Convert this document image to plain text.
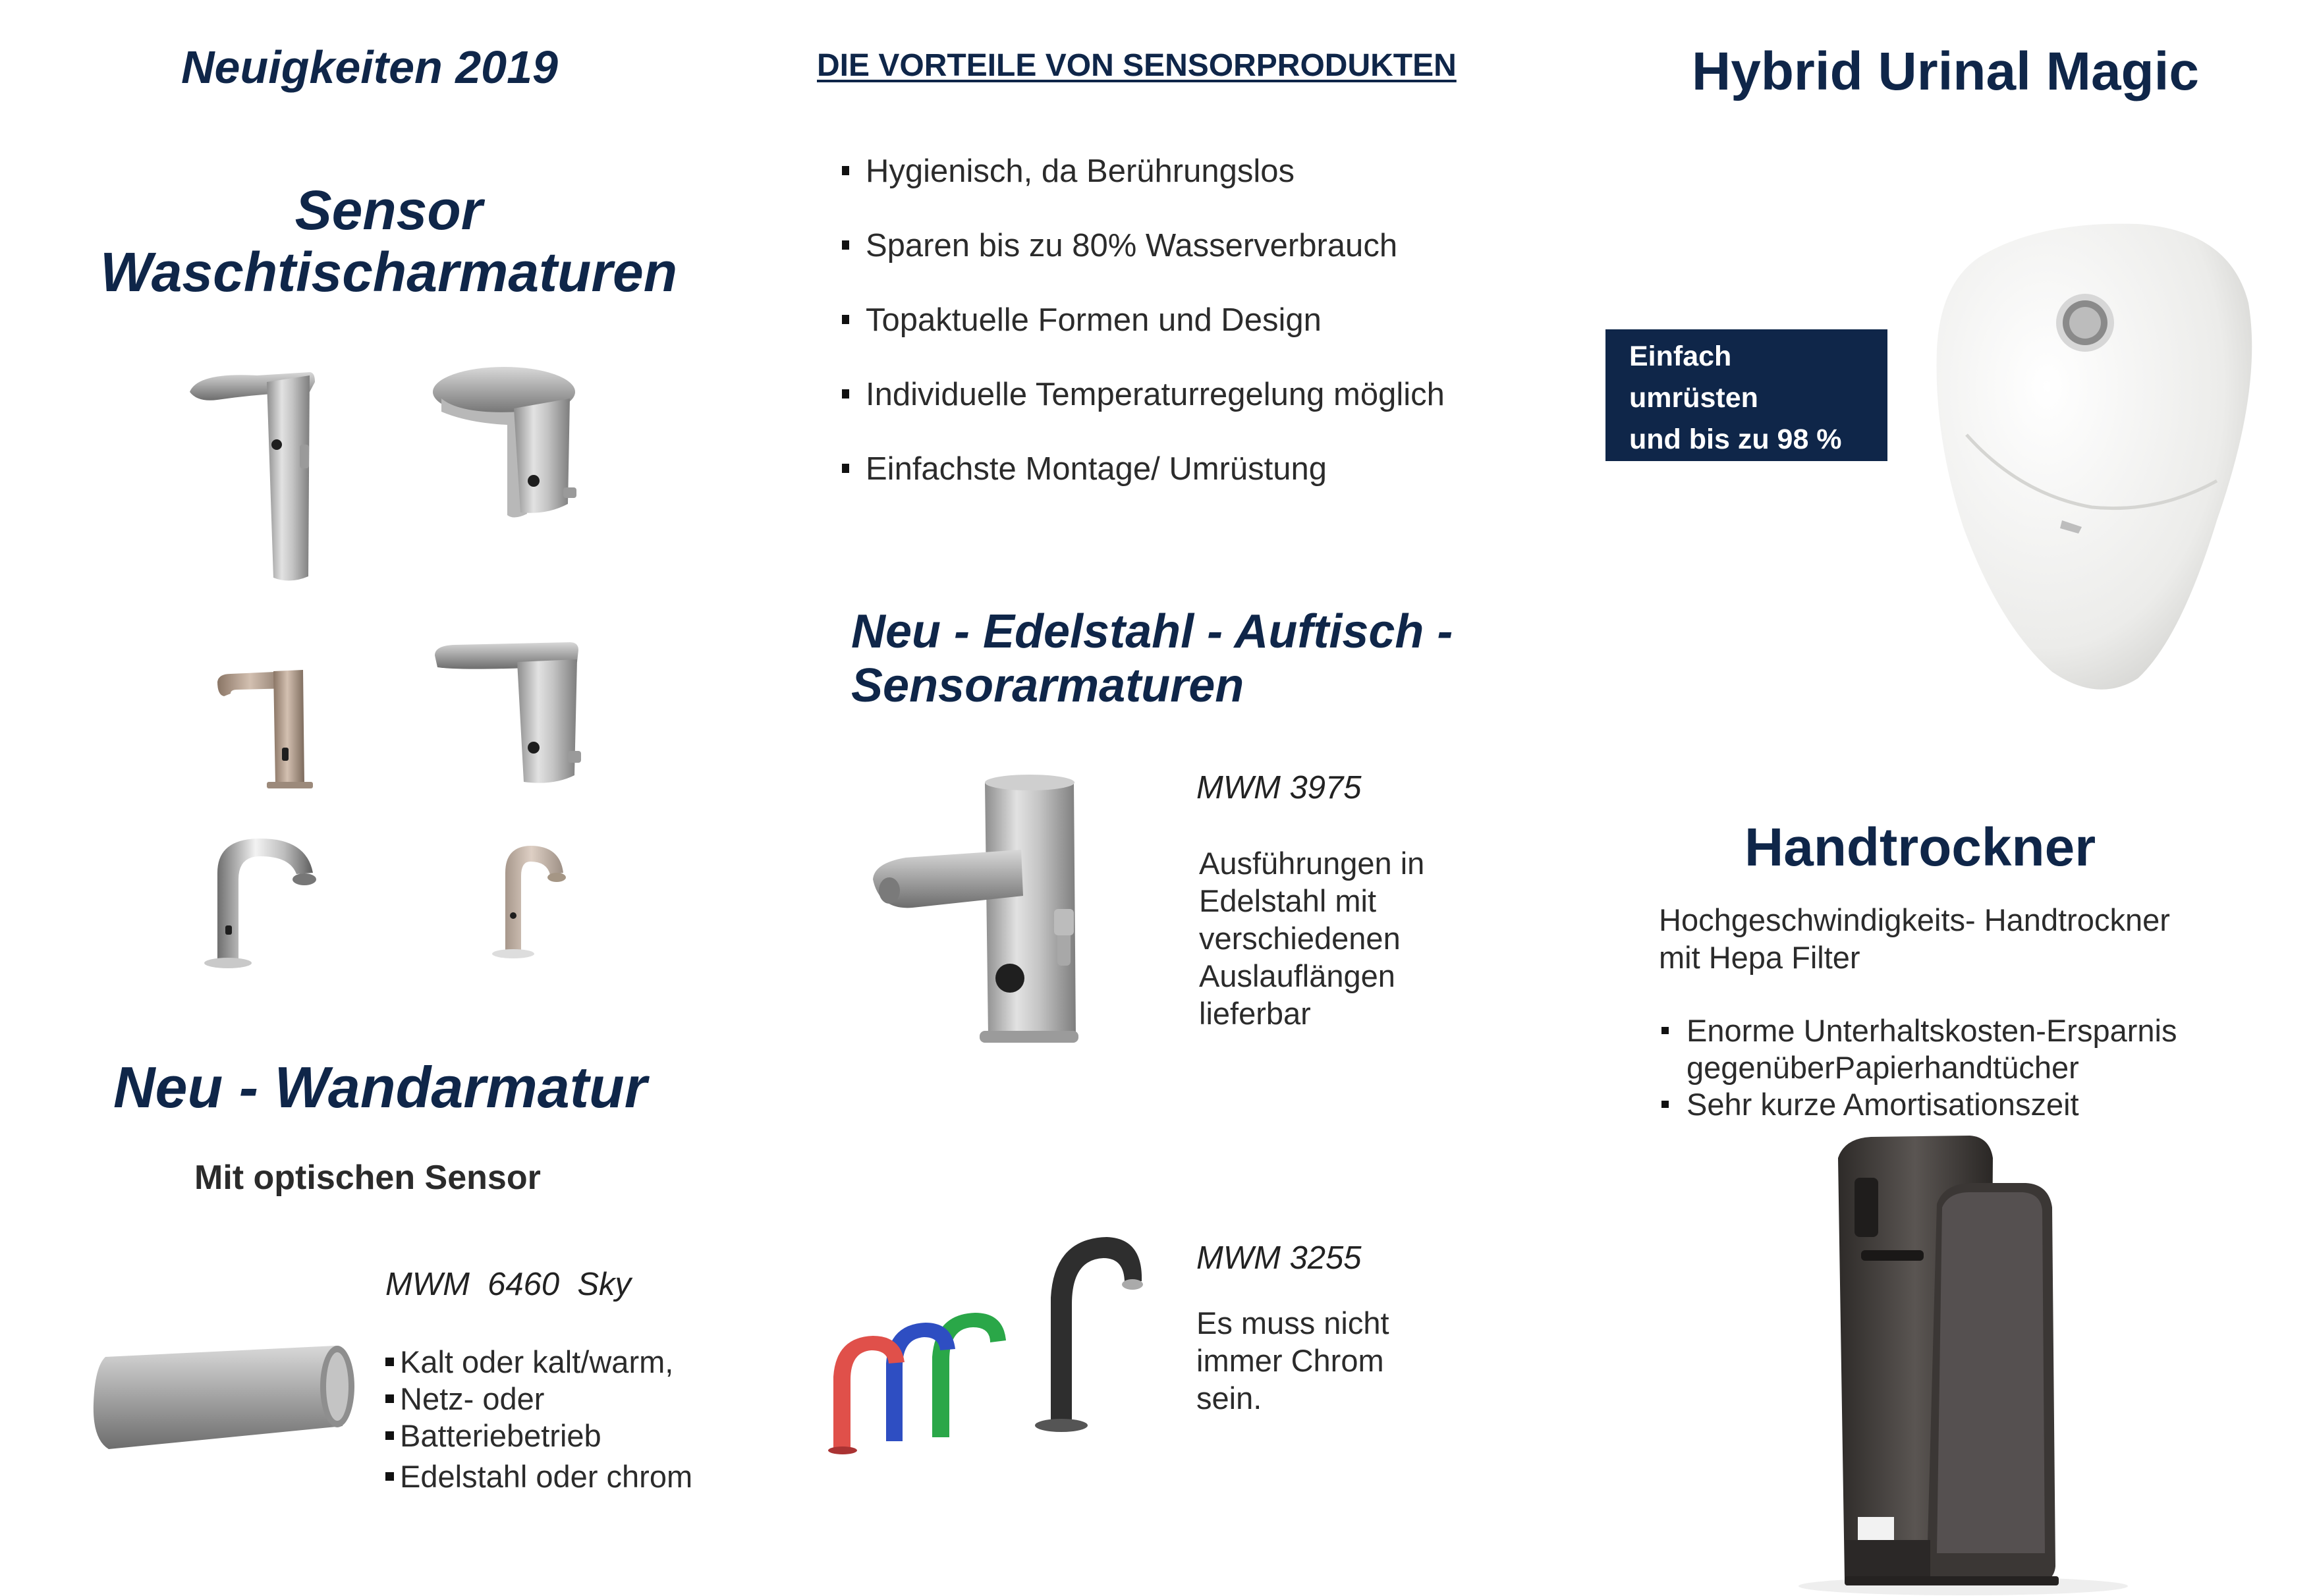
Neuigkeiten 2019
Sensor
Waschtischarmaturen
Neu - Wandarmatur
Mit optischen Sensor
MWM  6460  Sky
Kalt oder kalt/warm,
Netz- oder
Batteriebetrieb
Edelstahl oder chrom
DIE VORTEILE VON SENSORPRODUKTEN
Hygienisch, da Berührungslos
Sparen bis zu 80% Wasserverbrauch
Topaktuelle Formen und Design
Individuelle Temperaturregelung möglich
Einfachste Montage/ Umrüstung
Neu - Edelstahl - Auftisch -
Sensorarmaturen
MWM 3975
Ausführungen in
Edelstahl mit
verschiedenen
Auslauflängen
lieferbar
MWM 3255
Es muss nicht
immer Chrom
sein.
Hybrid Urinal Magic
Einfach umrüsten
und bis zu 98 %
Wasser sparen!
Handtrockner
Hochgeschwindigkeits- Handtrockner
mit Hepa Filter
Enorme Unterhaltskosten-Ersparnis
gegenüberPapierhandtücher
Sehr kurze Amortisationszeit
